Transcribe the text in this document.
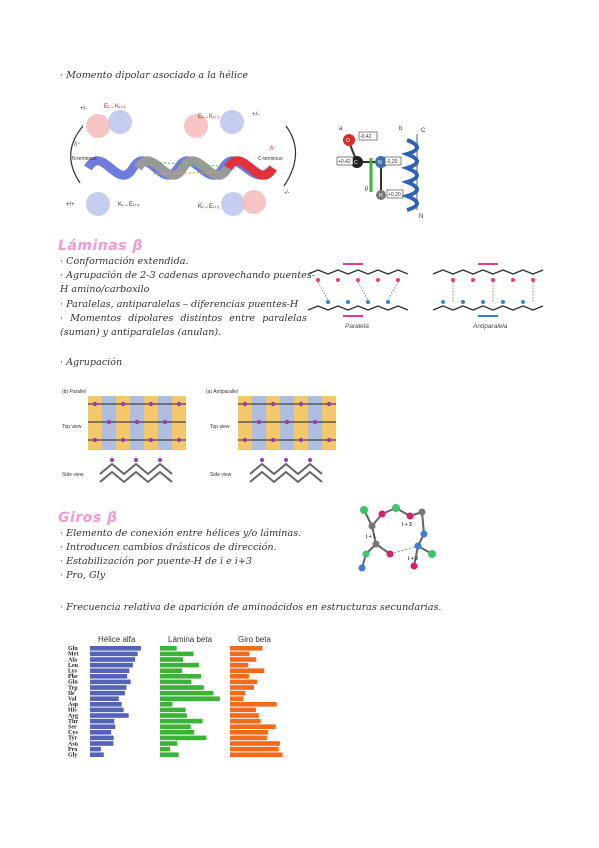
· Momento dipolar asociado a la hélice
Láminas β
· Conformación extendida.
· Agrupación de 2-3 cadenas aprovechando puentes-
H amino/carboxilo
· Paralelas, antiparalelas – diferencias puentes-H
· Momentos dipolares distintos entre paralelas
(suman) y antiparalelas (anulan).
· Agrupación
Giros β
· Elemento de conexión entre hélices y/o láminas.
· Introducen cambios drásticos de dirección.
· Estabilización por puente-H de i e i+3
· Pro, Gly
· Frecuencia relativa de aparición de aminoácidos en estructuras secundarias.
+/-
+/-
+/+
-/-
δ⁺
δ⁻
N-terminus	C-terminus
Eᵢ→Kᵢ₊₄
Eᵢ→Kᵢ₊₃
Kᵢ→Eᵢ₊₄	Kᵢ→Eᵢ₊₃
a	b
O
C	N
H
-0.42
+0.42	-0.20
+0.20
p
C
N
Paralela	Antiparalela
(b) Parallel	(a) Antiparallel
Top view
Side view
Top view
Side view
i + 1
i + 2
i + 3
Glu
Met
Ala
Leu
Lys
Phe
Gln
Trp
Ile
Val
Asp
His
Arg
Thr
Ser
Cys
Tyr
Asn
Pro
Gly
Hélice alfa	Lámina beta	Giro beta
